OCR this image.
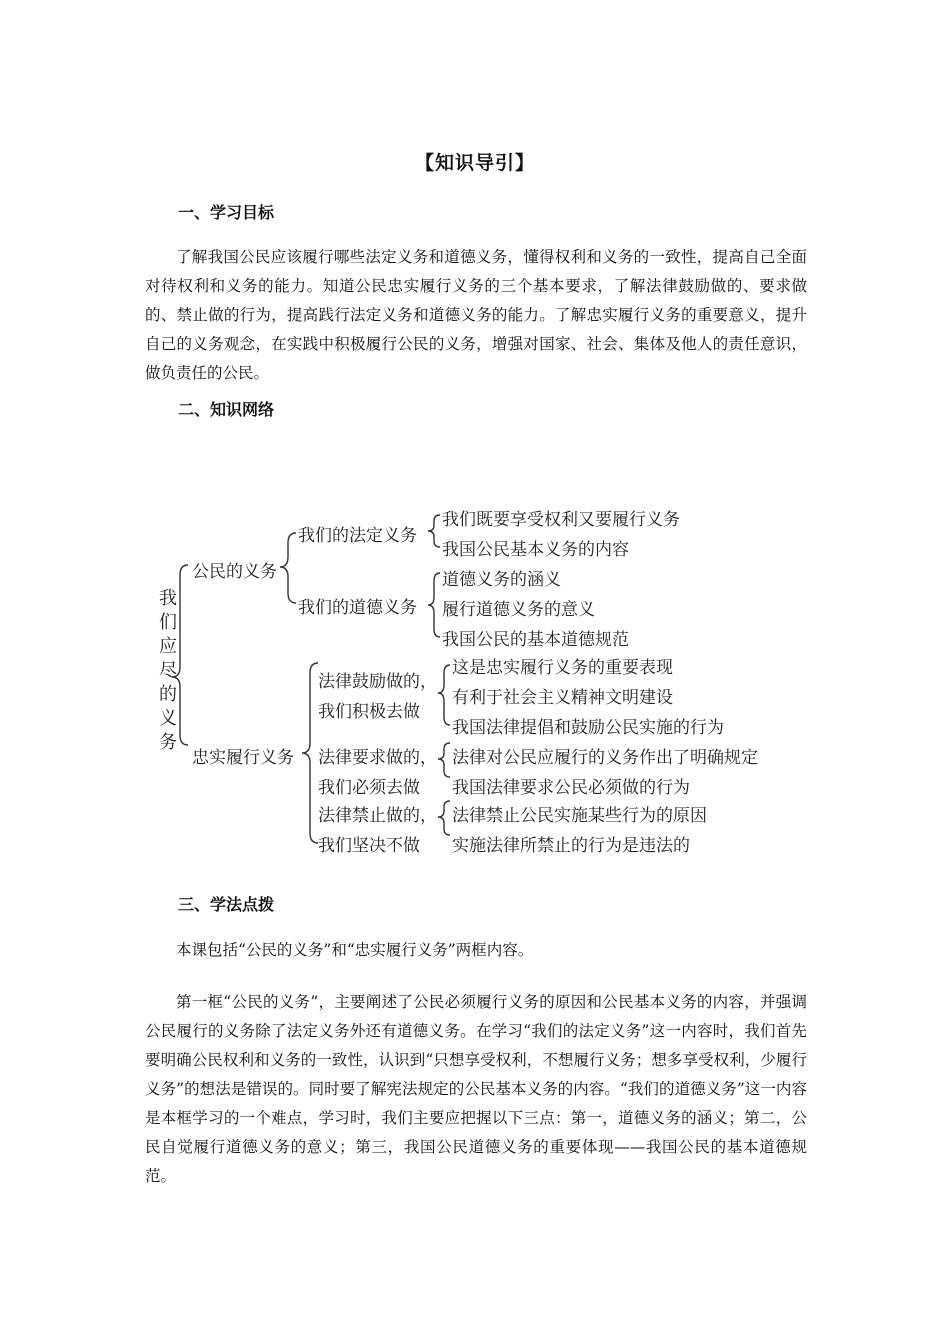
【知识导引】
一、学习目标

了解我国公民应该履行哪些法定义务和道德义务，懂得权利和义务的一致性，提高自己全面对待权利和义务的能力。知道公民忠实履行义务的三个基本要求，了解法律鼓励做的、要求做的、禁止做的行为，提高践行法定义务和道德义务的能力。了解忠实履行义务的重要意义，提升自己的义务观念，在实践中积极履行公民的义务，增强对国家、社会、集体及他人的责任意识，做负责任的公民。

二、知识网络
我们应尽的义务
公民的义务
我们的法定义务
我们既要享受权利又要履行义务
我国公民基本义务的内容
我们的道德义务
道德义务的涵义
履行道德义务的意义
我国公民的基本道德规范
忠实履行义务
法律鼓励做的，
我们积极去做
这是忠实履行义务的重要表现
有利于社会主义精神文明建设
我国法律提倡和鼓励公民实施的行为
法律要求做的，
我们必须去做
法律对公民应履行的义务作出了明确规定
我国法律要求公民必须做的行为
法律禁止做的，
我们坚决不做
法律禁止公民实施某些行为的原因
实施法律所禁止的行为是违法的
三、学法点拨

本课包括“公民的义务”和“忠实履行义务”两框内容。

第一框“公民的义务”，主要阐述了公民必须履行义务的原因和公民基本义务的内容，并强调公民履行的义务除了法定义务外还有道德义务。在学习“我们的法定义务”这一内容时，我们首先要明确公民权利和义务的一致性，认识到“只想享受权利，不想履行义务；想多享受权利，少履行义务”的想法是错误的。同时要了解宪法规定的公民基本义务的内容。“我们的道德义务”这一内容是本框学习的一个难点，学习时，我们主要应把握以下三点：第一，道德义务的涵义；第二，公民自觉履行道德义务的意义；第三，我国公民道德义务的重要体现——我国公民的基本道德规范。
